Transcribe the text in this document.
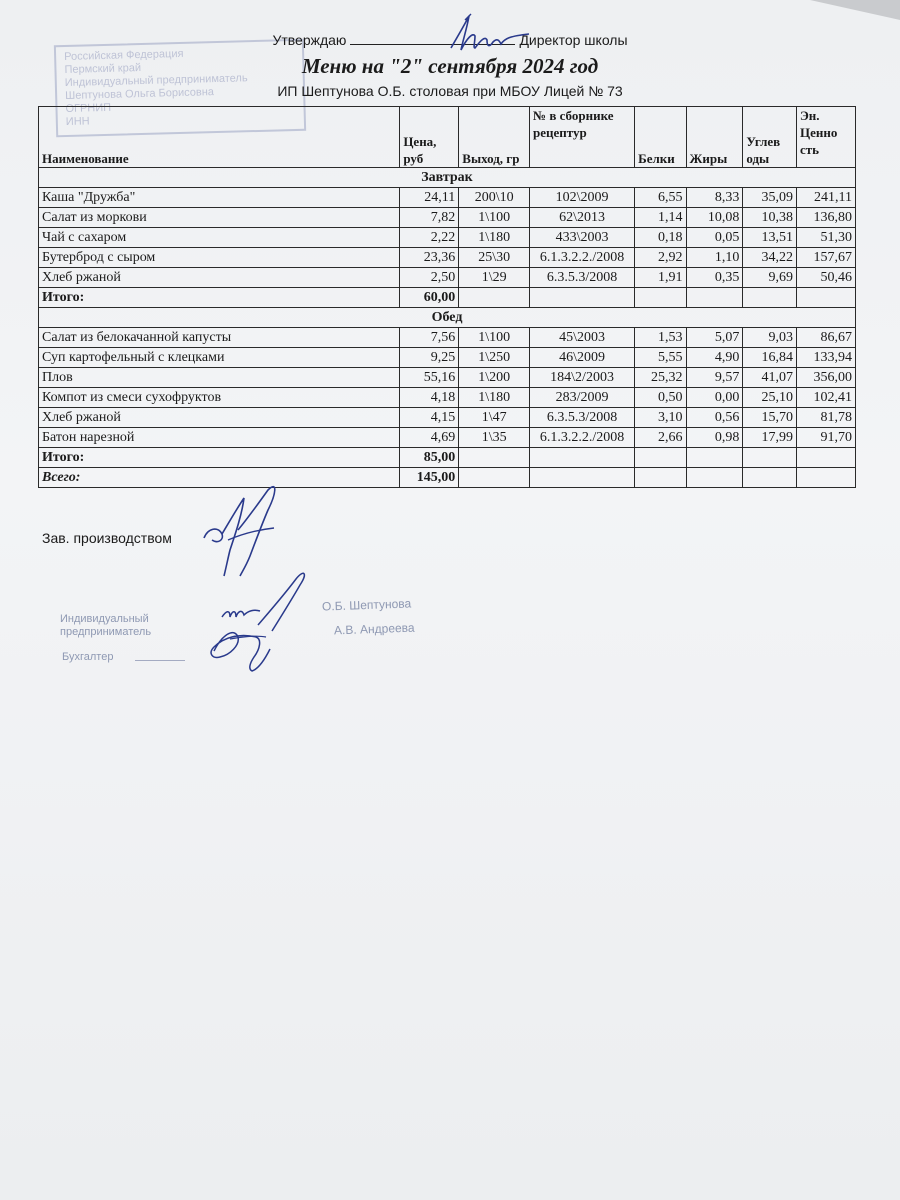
Российская Федерация
Пермский край
Индивидуальный предприниматель
Шептунова Ольга Борисовна
ОГРНИП
ИНН
Утверждаю	Директор школы
Меню на "2" сентября 2024 год
ИП Шептунова О.Б. столовая при МБОУ Лицей № 73
Наименование	Цена, руб	Выход, гр	№ в сборнике рецептур	Белки	Жиры	Углев оды	Эн. Ценно сть
Завтрак							
Каша "Дружба"	24,11	200\10	102\2009	6,55	8,33	35,09	241,11
Салат из моркови	7,82	1\100	62\2013	1,14	10,08	10,38	136,80
Чай с сахаром	2,22	1\180	433\2003	0,18	0,05	13,51	51,30
Бутерброд с сыром	23,36	25\30	6.1.3.2.2./2008	2,92	1,10	34,22	157,67
Хлеб ржаной	2,50	1\29	6.3.5.3/2008	1,91	0,35	9,69	50,46
Итого:	60,00						
Обед							
Салат из белокачанной капусты	7,56	1\100	45\2003	1,53	5,07	9,03	86,67
Суп картофельный с клецками	9,25	1\250	46\2009	5,55	4,90	16,84	133,94
Плов	55,16	1\200	184\2/2003	25,32	9,57	41,07	356,00
Компот из смеси сухофруктов	4,18	1\180	283/2009	0,50	0,00	25,10	102,41
Хлеб ржаной	4,15	1\47	6.3.5.3/2008	3,10	0,56	15,70	81,78
Батон нарезной	4,69	1\35	6.1.3.2.2./2008	2,66	0,98	17,99	91,70
Итого:	85,00						
Всего:	145,00						
Зав. производством
Индивидуальный предприниматель
Бухгалтер
О.Б. Шептунова
А.В. Андреева
